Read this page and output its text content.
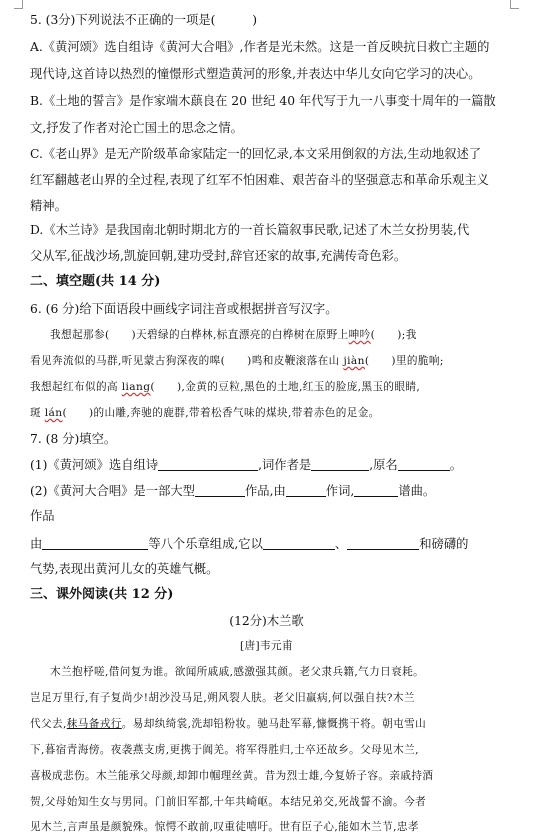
5. (3分)下列说法不正确的一项是(　　　)
A.《黄河颂》选自组诗《黄河大合唱》,作者是光未然。这是一首反映抗日救亡主题的
现代诗,这首诗以热烈的憧憬形式塑造黄河的形象,并表达中华儿女向它学习的决心。
B.《土地的誓言》是作家端木蕻良在 20 世纪 40 年代写于九一八事变十周年的一篇散
文,抒发了作者对沦亡国土的思念之情。
C.《老山界》是无产阶级革命家陆定一的回忆录,本文采用倒叙的方法,生动地叙述了
红军翻越老山界的全过程,表现了红军不怕困难、艰苦奋斗的坚强意志和革命乐观主义
精神。
D.《木兰诗》是我国南北朝时期北方的一首长篇叙事民歌,记述了木兰女扮男装,代
父从军,征战沙场,凯旋回朝,建功受封,辞官还家的故事,充满传奇色彩。
二、填空题(共 14 分)
6. (6 分)给下面语段中画线字词注音或根据拼音写汉字。
我想起那参(　　)天碧绿的白桦林,标直漂亮的白桦树在原野上呻吟(　　);我
看见奔流似的马群,听见蒙古狗深夜的嗥(　　)鸣和皮鞭滚落在山 jiàn(　　)里的脆响;
我想起红布似的高 liang(　　),金黄的豆粒,黑色的土地,红玉的脸庞,黑玉的眼睛,
斑 lán(　　)的山雕,奔驰的鹿群,带着松香气味的煤块,带着赤色的足金。
7. (8 分)填空。
(1)《黄河颂》选自组诗	,词作者是	,原名	。
(2)《黄河大合唱》是一部大型	作品,由	作词,	谱曲。
作品
由	等八个乐章组成,它以	、	和磅礴的
气势,表现出黄河儿女的英雄气概。
三、课外阅读(共 12 分)
(12分)木兰歌
[唐]韦元甫
木兰抱杼嗟,借问复为谁。欲闻所戚戚,感激强其颜。老父隶兵籍,气力日衰耗。
岂足万里行,有子复尚少!胡沙没马足,朔风裂人肤。老父旧羸病,何以强自扶?木兰
代父去,秣马备戎行。易却纨绮裳,洗却铅粉妆。驰马赴军幕,慷慨携干将。朝屯雪山
下,暮宿青海傍。夜袭燕支虏,更携于阗羌。将军得胜归,士卒还故乡。父母见木兰,
喜极成悲伤。木兰能承父母颜,却卸巾帼理丝黄。昔为烈士雄,今复娇子容。亲戚持酒
贺,父母始知生女与男同。门前旧军都,十年共崎岖。本结兄弟交,死战誓不渝。今者
见木兰,言声虽是颜貌殊。惊愕不敢前,叹重徒嘻吁。世有臣子心,能如木兰节,忠孝
